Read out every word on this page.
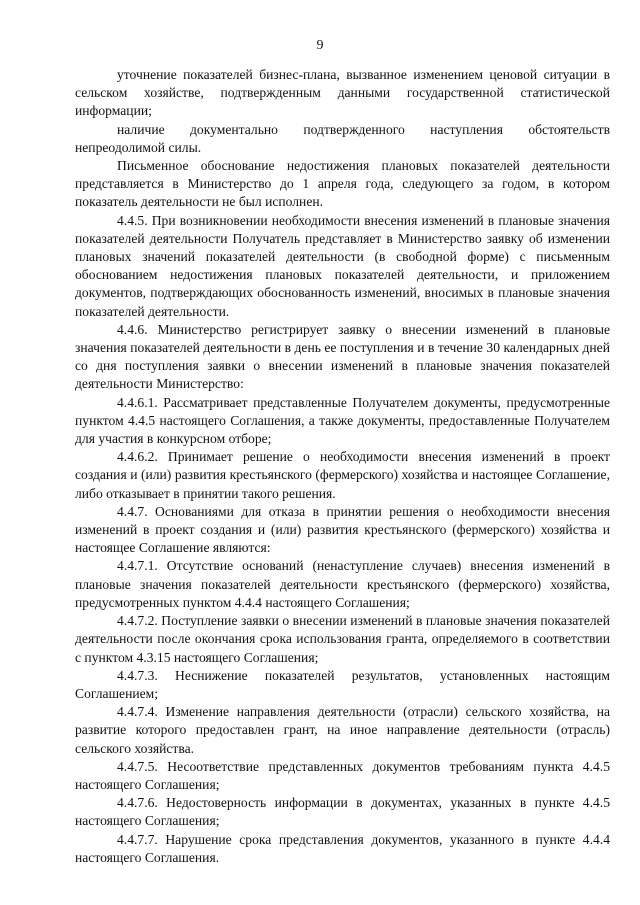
9

уточнение показателей бизнес-плана, вызванное изменением ценовой ситуации в сельском хозяйстве, подтвержденным данными государственной статистической информации;

наличие документально подтвержденного наступления обстоятельств непреодолимой силы.

Письменное обоснование недостижения плановых показателей деятельности представляется в Министерство до 1 апреля года, следующего за годом, в котором показатель деятельности не был исполнен.

4.4.5. При возникновении необходимости внесения изменений в плановые значения показателей деятельности Получатель представляет в Министерство заявку об изменении плановых значений показателей деятельности (в свободной форме) с письменным обоснованием недостижения плановых показателей деятельности, и приложением документов, подтверждающих обоснованность изменений, вносимых в плановые значения показателей деятельности.

4.4.6. Министерство регистрирует заявку о внесении изменений в плановые значения показателей деятельности в день ее поступления и в течение 30 календарных дней со дня поступления заявки о внесении изменений в плановые значения показателей деятельности Министерство:

4.4.6.1. Рассматривает представленные Получателем документы, предусмотренные пунктом 4.4.5 настоящего Соглашения, а также документы, предоставленные Получателем для участия в конкурсном отборе;

4.4.6.2. Принимает решение о необходимости внесения изменений в проект создания и (или) развития крестьянского (фермерского) хозяйства и настоящее Соглашение, либо отказывает в принятии такого решения.

4.4.7. Основаниями для отказа в принятии решения о необходимости внесения изменений в проект создания и (или) развития крестьянского (фермерского) хозяйства и настоящее Соглашение являются:

4.4.7.1. Отсутствие оснований (ненаступление случаев) внесения изменений в плановые значения показателей деятельности крестьянского (фермерского) хозяйства, предусмотренных пунктом 4.4.4 настоящего Соглашения;

4.4.7.2. Поступление заявки о внесении изменений в плановые значения показателей деятельности после окончания срока использования гранта, определяемого в соответствии с пунктом 4.3.15 настоящего Соглашения;

4.4.7.3. Неснижение показателей результатов, установленных настоящим Соглашением;

4.4.7.4. Изменение направления деятельности (отрасли) сельского хозяйства, на развитие которого предоставлен грант, на иное направление деятельности (отрасль) сельского хозяйства.

4.4.7.5. Несоответствие представленных документов требованиям пункта 4.4.5 настоящего Соглашения;

4.4.7.6. Недостоверность информации в документах, указанных в пункте 4.4.5 настоящего Соглашения;

4.4.7.7. Нарушение срока представления документов, указанного в пункте 4.4.4 настоящего Соглашения.
